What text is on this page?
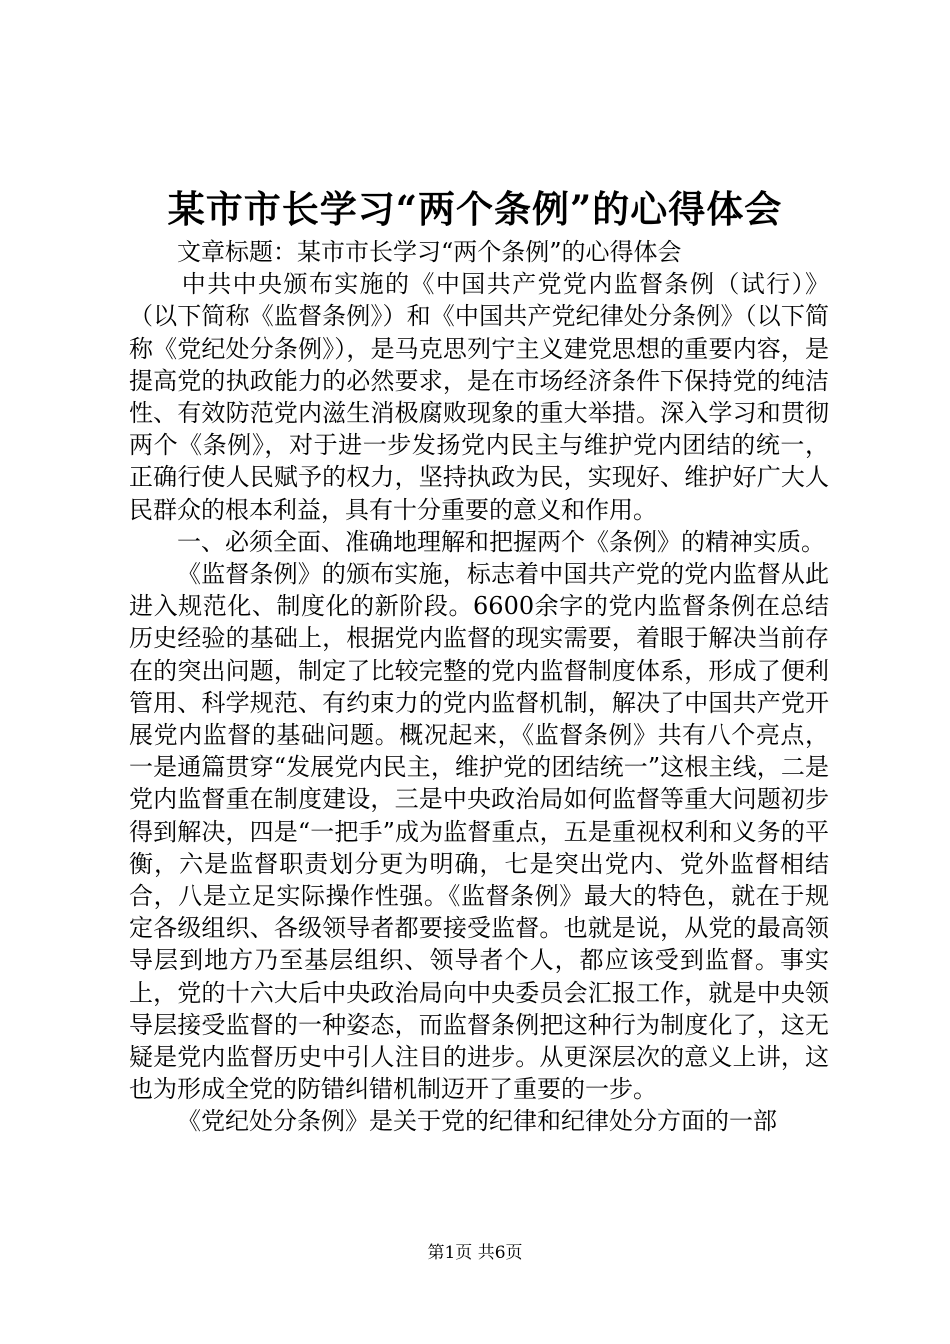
某市市长学习“两个条例”的心得体会

文章标题：某市市长学习“两个条例”的心得体会

中共中央颁布实施的《中国共产党党内监督条例（试行）》（以下简称《监督条例》）和《中国共产党纪律处分条例》（以下简称《党纪处分条例》），是马克思列宁主义建党思想的重要内容，是提高党的执政能力的必然要求，是在市场经济条件下保持党的纯洁性、有效防范党内滋生消极腐败现象的重大举措。深入学习和贯彻两个《条例》，对于进一步发扬党内民主与维护党内团结的统一，正确行使人民赋予的权力，坚持执政为民，实现好、维护好广大人民群众的根本利益，具有十分重要的意义和作用。

一、必须全面、准确地理解和把握两个《条例》的精神实质。

《监督条例》的颁布实施，标志着中国共产党的党内监督从此进入规范化、制度化的新阶段。6600余字的党内监督条例在总结历史经验的基础上，根据党内监督的现实需要，着眼于解决当前存在的突出问题，制定了比较完整的党内监督制度体系，形成了便利管用、科学规范、有约束力的党内监督机制，解决了中国共产党开展党内监督的基础问题。概况起来，《监督条例》共有八个亮点，一是通篇贯穿“发展党内民主，维护党的团结统一”这根主线，二是党内监督重在制度建设，三是中央政治局如何监督等重大问题初步得到解决，四是“一把手”成为监督重点，五是重视权利和义务的平衡，六是监督职责划分更为明确，七是突出党内、党外监督相结合，八是立足实际操作性强。《监督条例》最大的特色，就在于规定各级组织、各级领导者都要接受监督。也就是说，从党的最高领导层到地方乃至基层组织、领导者个人，都应该受到监督。事实上，党的十六大后中央政治局向中央委员会汇报工作，就是中央领导层接受监督的一种姿态，而监督条例把这种行为制度化了，这无疑是党内监督历史中引人注目的进步。从更深层次的意义上讲，这也为形成全党的防错纠错机制迈开了重要的一步。

《党纪处分条例》是关于党的纪律和纪律处分方面的一部

第1页 共6页
